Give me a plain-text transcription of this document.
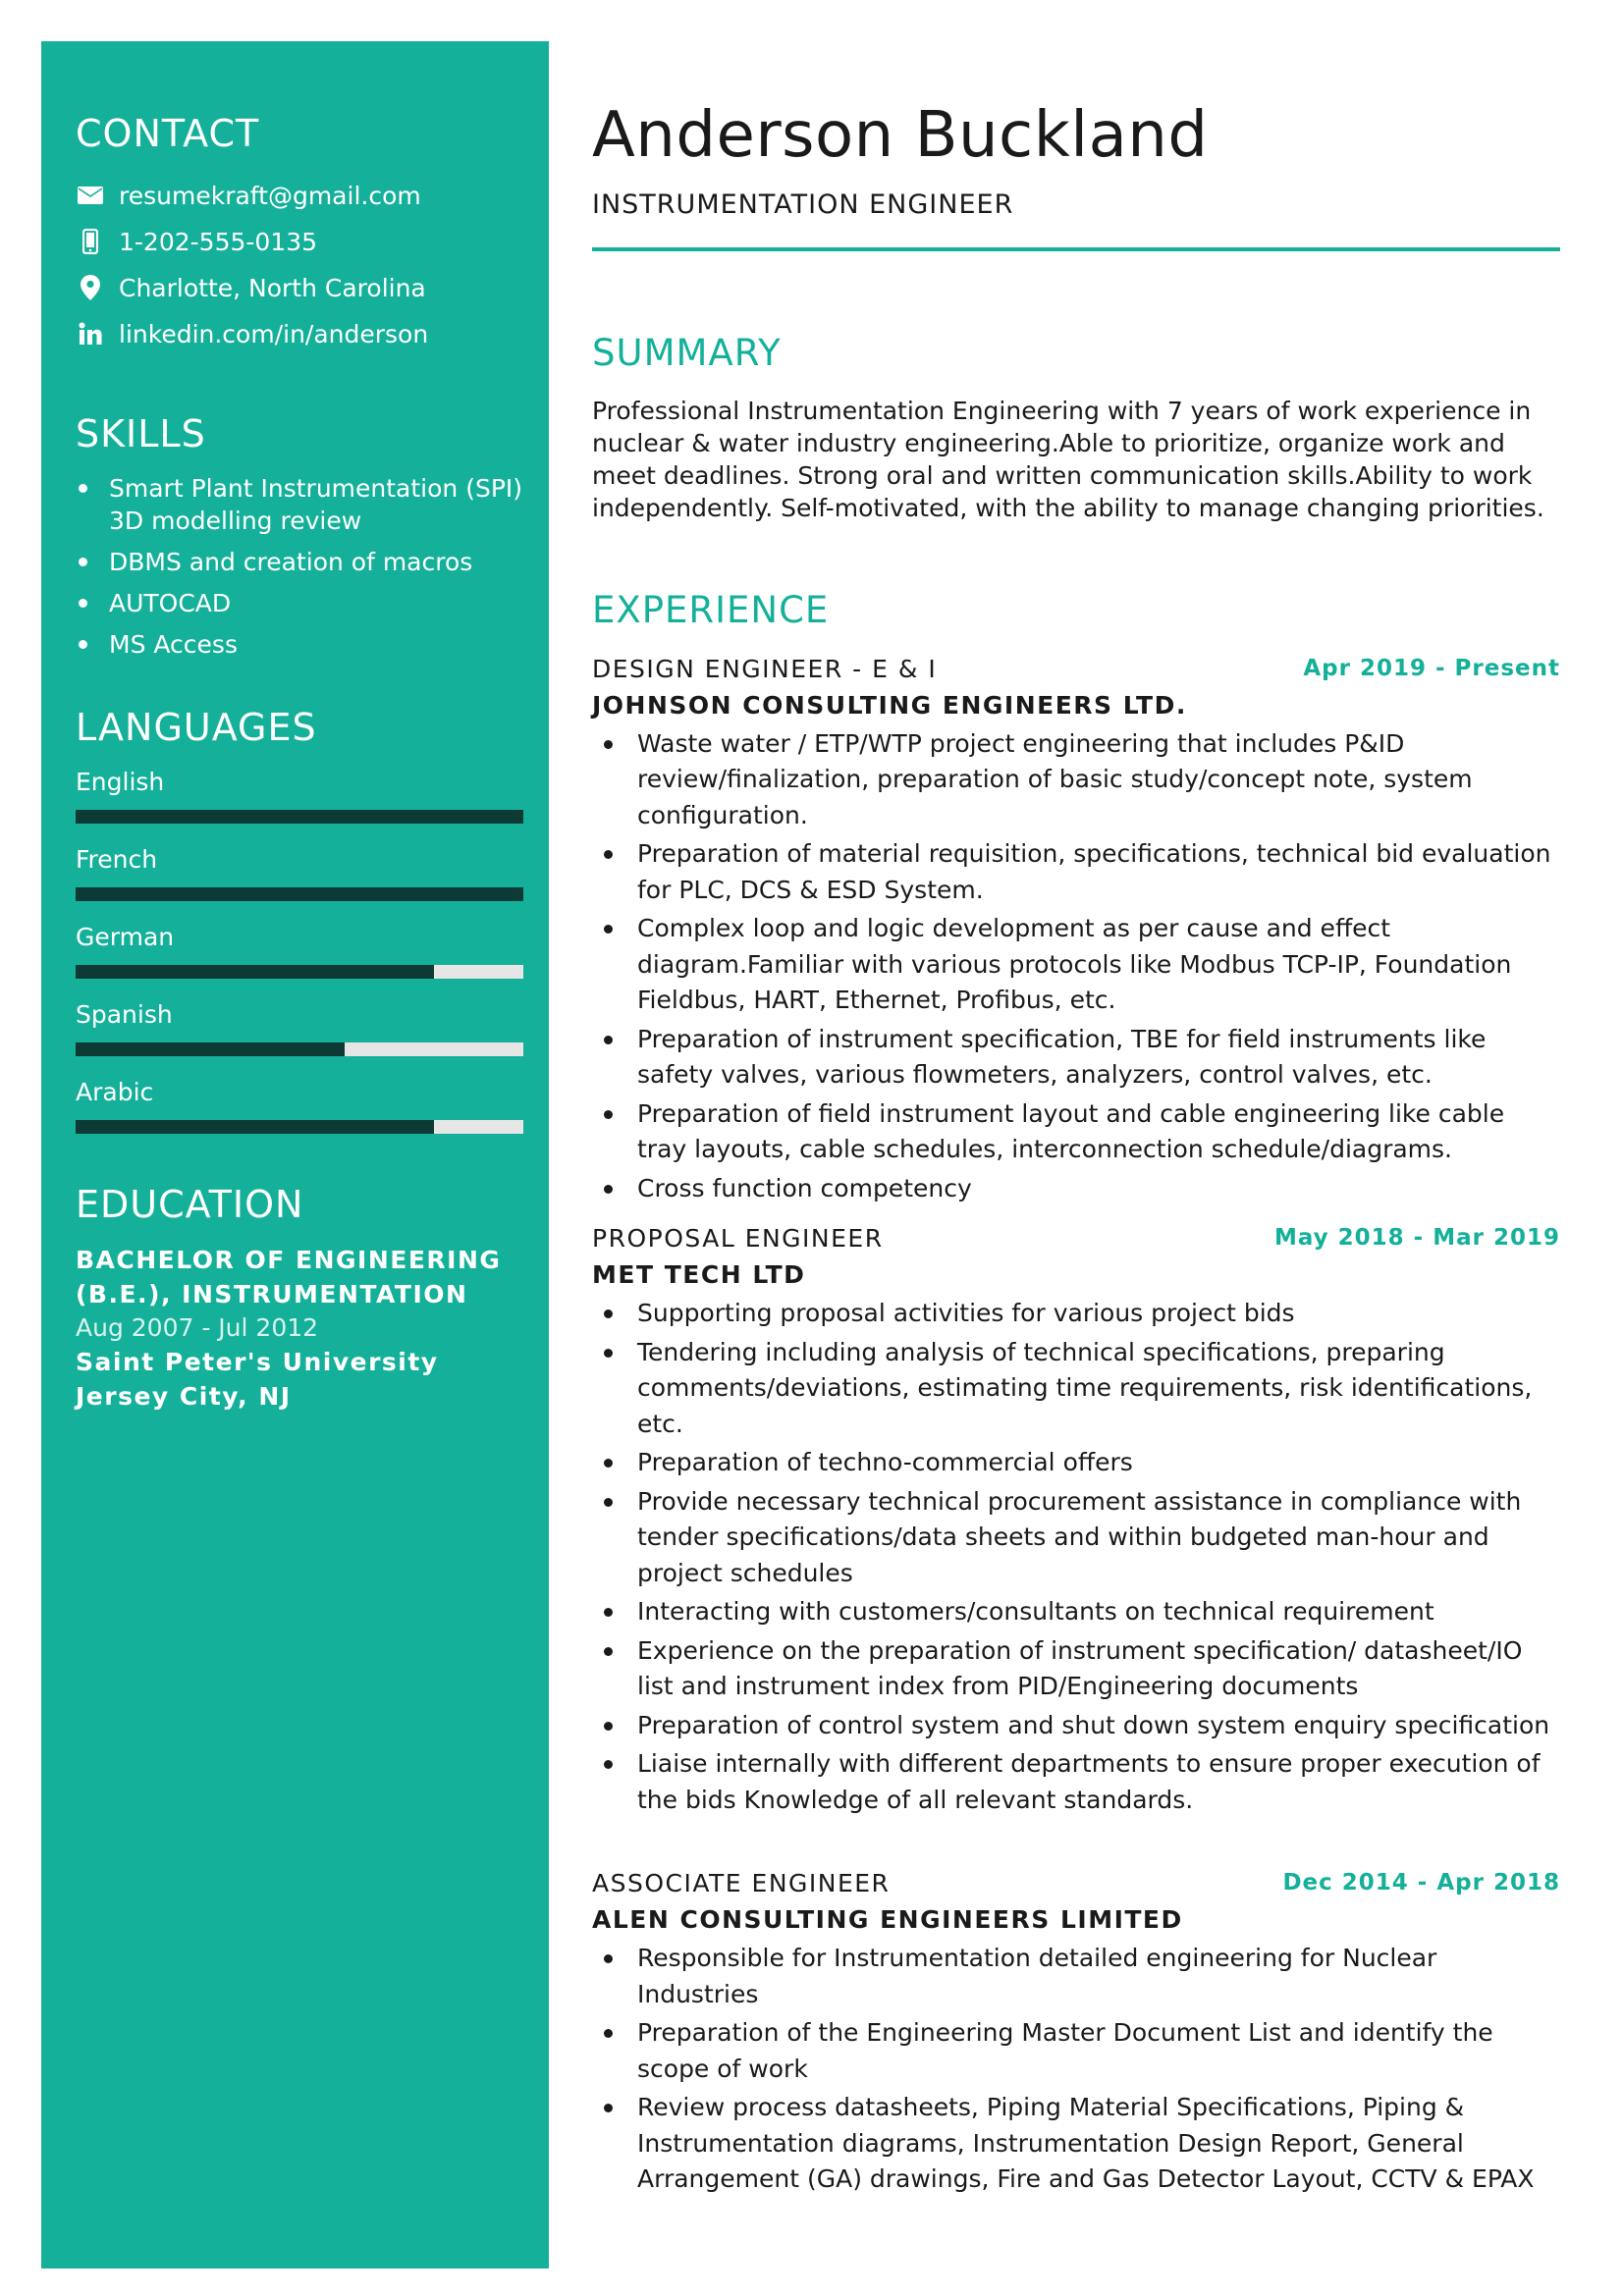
CONTACT
resumekraft@gmail.com
1-202-555-0135
Charlotte, North Carolina
linkedin.com/in/anderson
SKILLS
Smart Plant Instrumentation (SPI) 3D modelling review
DBMS and creation of macros
AUTOCAD
MS Access
LANGUAGES
English
French
German
Spanish
Arabic
EDUCATION
BACHELOR OF ENGINEERING (B.E.), INSTRUMENTATION
Aug 2007 - Jul 2012
Saint Peter's University Jersey City, NJ
Anderson Buckland
INSTRUMENTATION ENGINEER
SUMMARY
Professional Instrumentation Engineering with 7 years of work experience in nuclear & water industry engineering.Able to prioritize, organize work and meet deadlines. Strong oral and written communication skills.Ability to work independently. Self-motivated, with the ability to manage changing priorities.
EXPERIENCE
DESIGN ENGINEER - E & I
JOHNSON CONSULTING ENGINEERS LTD.
Apr 2019 - Present
Waste water / ETP/WTP project engineering that includes P&ID review/finalization, preparation of basic study/concept note, system configuration.
Preparation of material requisition, specifications, technical bid evaluation for PLC, DCS & ESD System.
Complex loop and logic development as per cause and effect diagram.Familiar with various protocols like Modbus TCP-IP, Foundation Fieldbus, HART, Ethernet, Profibus, etc.
Preparation of instrument specification, TBE for field instruments like safety valves, various flowmeters, analyzers, control valves, etc.
Preparation of field instrument layout and cable engineering like cable tray layouts, cable schedules, interconnection schedule/diagrams.
Cross function competency
PROPOSAL ENGINEER
MET TECH LTD
May 2018 - Mar 2019
Supporting proposal activities for various project bids
Tendering including analysis of technical specifications, preparing comments/deviations, estimating time requirements, risk identifications, etc.
Preparation of techno-commercial offers
Provide necessary technical procurement assistance in compliance with tender specifications/data sheets and within budgeted man-hour and project schedules
Interacting with customers/consultants on technical requirement
Experience on the preparation of instrument specification/ datasheet/IO list and instrument index from PID/Engineering documents
Preparation of control system and shut down system enquiry specification
Liaise internally with different departments to ensure proper execution of the bids Knowledge of all relevant standards.
ASSOCIATE ENGINEER
ALEN CONSULTING ENGINEERS LIMITED
Dec 2014 - Apr 2018
Responsible for Instrumentation detailed engineering for Nuclear Industries
Preparation of the Engineering Master Document List and identify the scope of work
Review process datasheets, Piping Material Specifications, Piping & Instrumentation diagrams, Instrumentation Design Report, General Arrangement (GA) drawings, Fire and Gas Detector Layout, CCTV & EPAX
